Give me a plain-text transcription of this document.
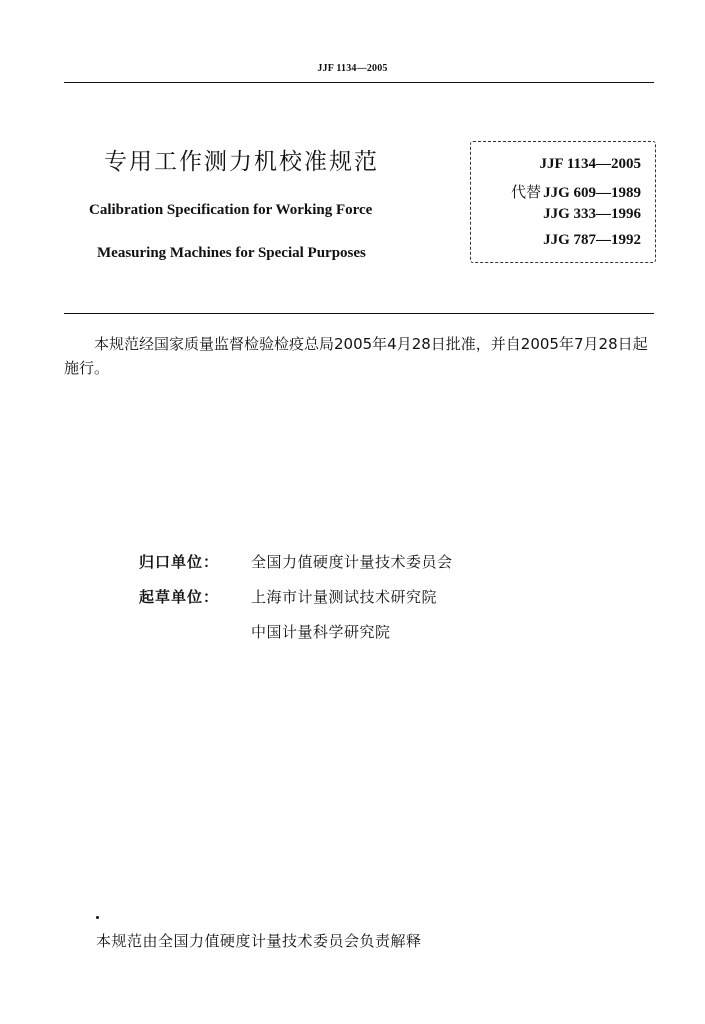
JJF 1134—2005
专用工作测力机校准规范
Calibration Specification for Working Force
Measuring Machines for Special Purposes
JJF 1134—2005
代替 JJG 609—1989
JJG 333—1996
JJG 787—1992
本规范经国家质量监督检验检疫总局2005年4月28日批准，并自2005年7月28日起施行。
归口单位： 全国力值硬度计量技术委员会
起草单位： 上海市计量测试技术研究院
中国计量科学研究院
本规范由全国力值硬度计量技术委员会负责解释
